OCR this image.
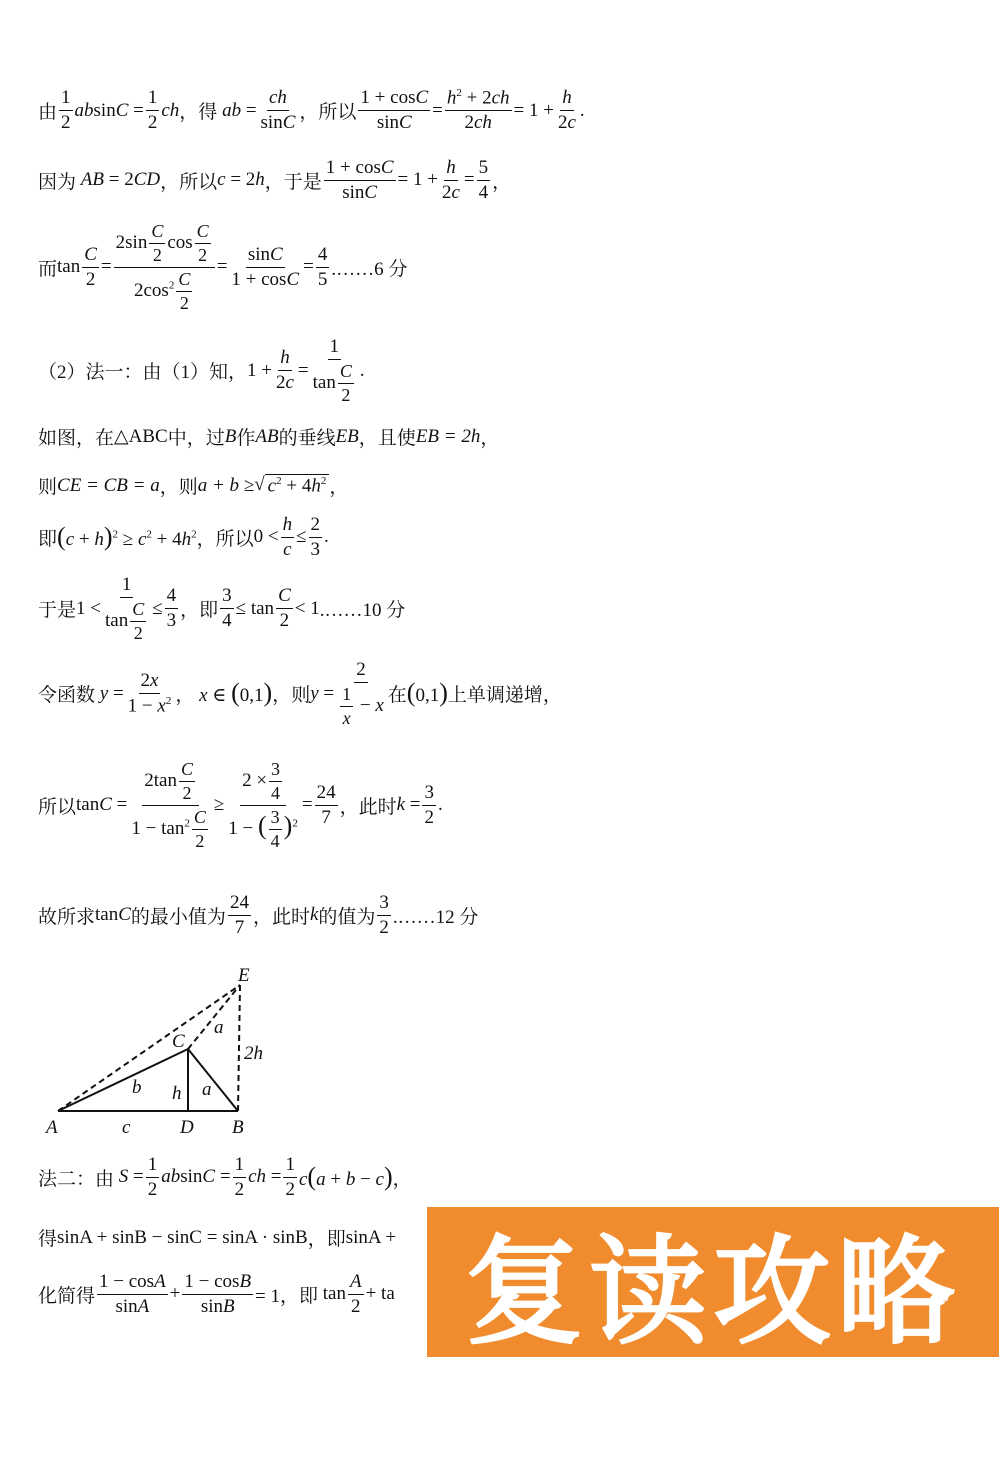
由 $\frac{1}{2}$ $absinC = \frac{1}{2}$ ch ，得 ab = $\frac{ch}{\sin C}$ ，所以 $\frac{1 + \cos C}{\sin C} = \frac{h^2 + 2ch}{2ch} = 1 + \frac{h}{2c}$ .
因为 AB = 2CD ，所以 c = 2h ，于是 $\frac{1 + \cos C}{\sin C} = 1 + \frac{h}{2c} = \frac{5}{4}$ ，
而 $\tan \frac{C}{2} = \frac{2\sin \frac{C}{2} \cos \frac{C}{2}}{2\cos^2 \frac{C}{2}} = \frac{\sin C}{1 + \cos C} = \frac{4}{5}$ .……6 分
（2）法一：由（1）知， $1 + \frac{h}{2c} = \frac{1}{\tan \frac{C}{2}}$ .
如图，在 △ABC 中，过 B 作 AB 的垂线 EB ，且使 EB = 2h ，
则 CE = CB = a ，则 a + b ≥ √ $c^2 + 4h^2$ ，
即 $(c + h)^2 \ge c^2 + 4h^2$ ，所以 $0 < \frac{h}{c} \le \frac{2}{3}$ .
于是 $1 < \frac{1}{\tan \frac{C}{2}} \le \frac{4}{3}$ ，即 $\frac{3}{4} \le \tan \frac{C}{2} < 1$ .……10 分
令函数 $y = \frac{2x}{1 - x^2}$ ， x ∈ (0,1) ，则 $y = \frac{2}{\frac{1}{x} - x}$ 在 (0,1) 上单调递增，
所以 $\tan C = \frac{2\tan \frac{C}{2}}{1 - \tan^2 \frac{C}{2}} \ge \frac{2 \times \frac{3}{4}}{1 - ( \frac{3}{4} )^2} = \frac{24}{7}$ ，此时 $k = \frac{3}{2}$ .
故所求 tanC 的最小值为 $\frac{24}{7}$ ，此时 k 的值为 $\frac{3}{2}$ .……12 分
E
C
A	D B
a
a
b h
c
2h
法二：由 $S = \frac{1}{2}$ $absinC = \frac{1}{2}$ ch = $\frac{1}{2} c(a + b - c)$，
得 sinA + sinB − sinC = sinA · sinB ，即 sinA +
化简得 $\frac{1 - \cos A}{\sin A} + \frac{1 - \cos B}{\sin B} = 1$，即 $\tan \frac{A}{2}$ + ta 复读攻略
